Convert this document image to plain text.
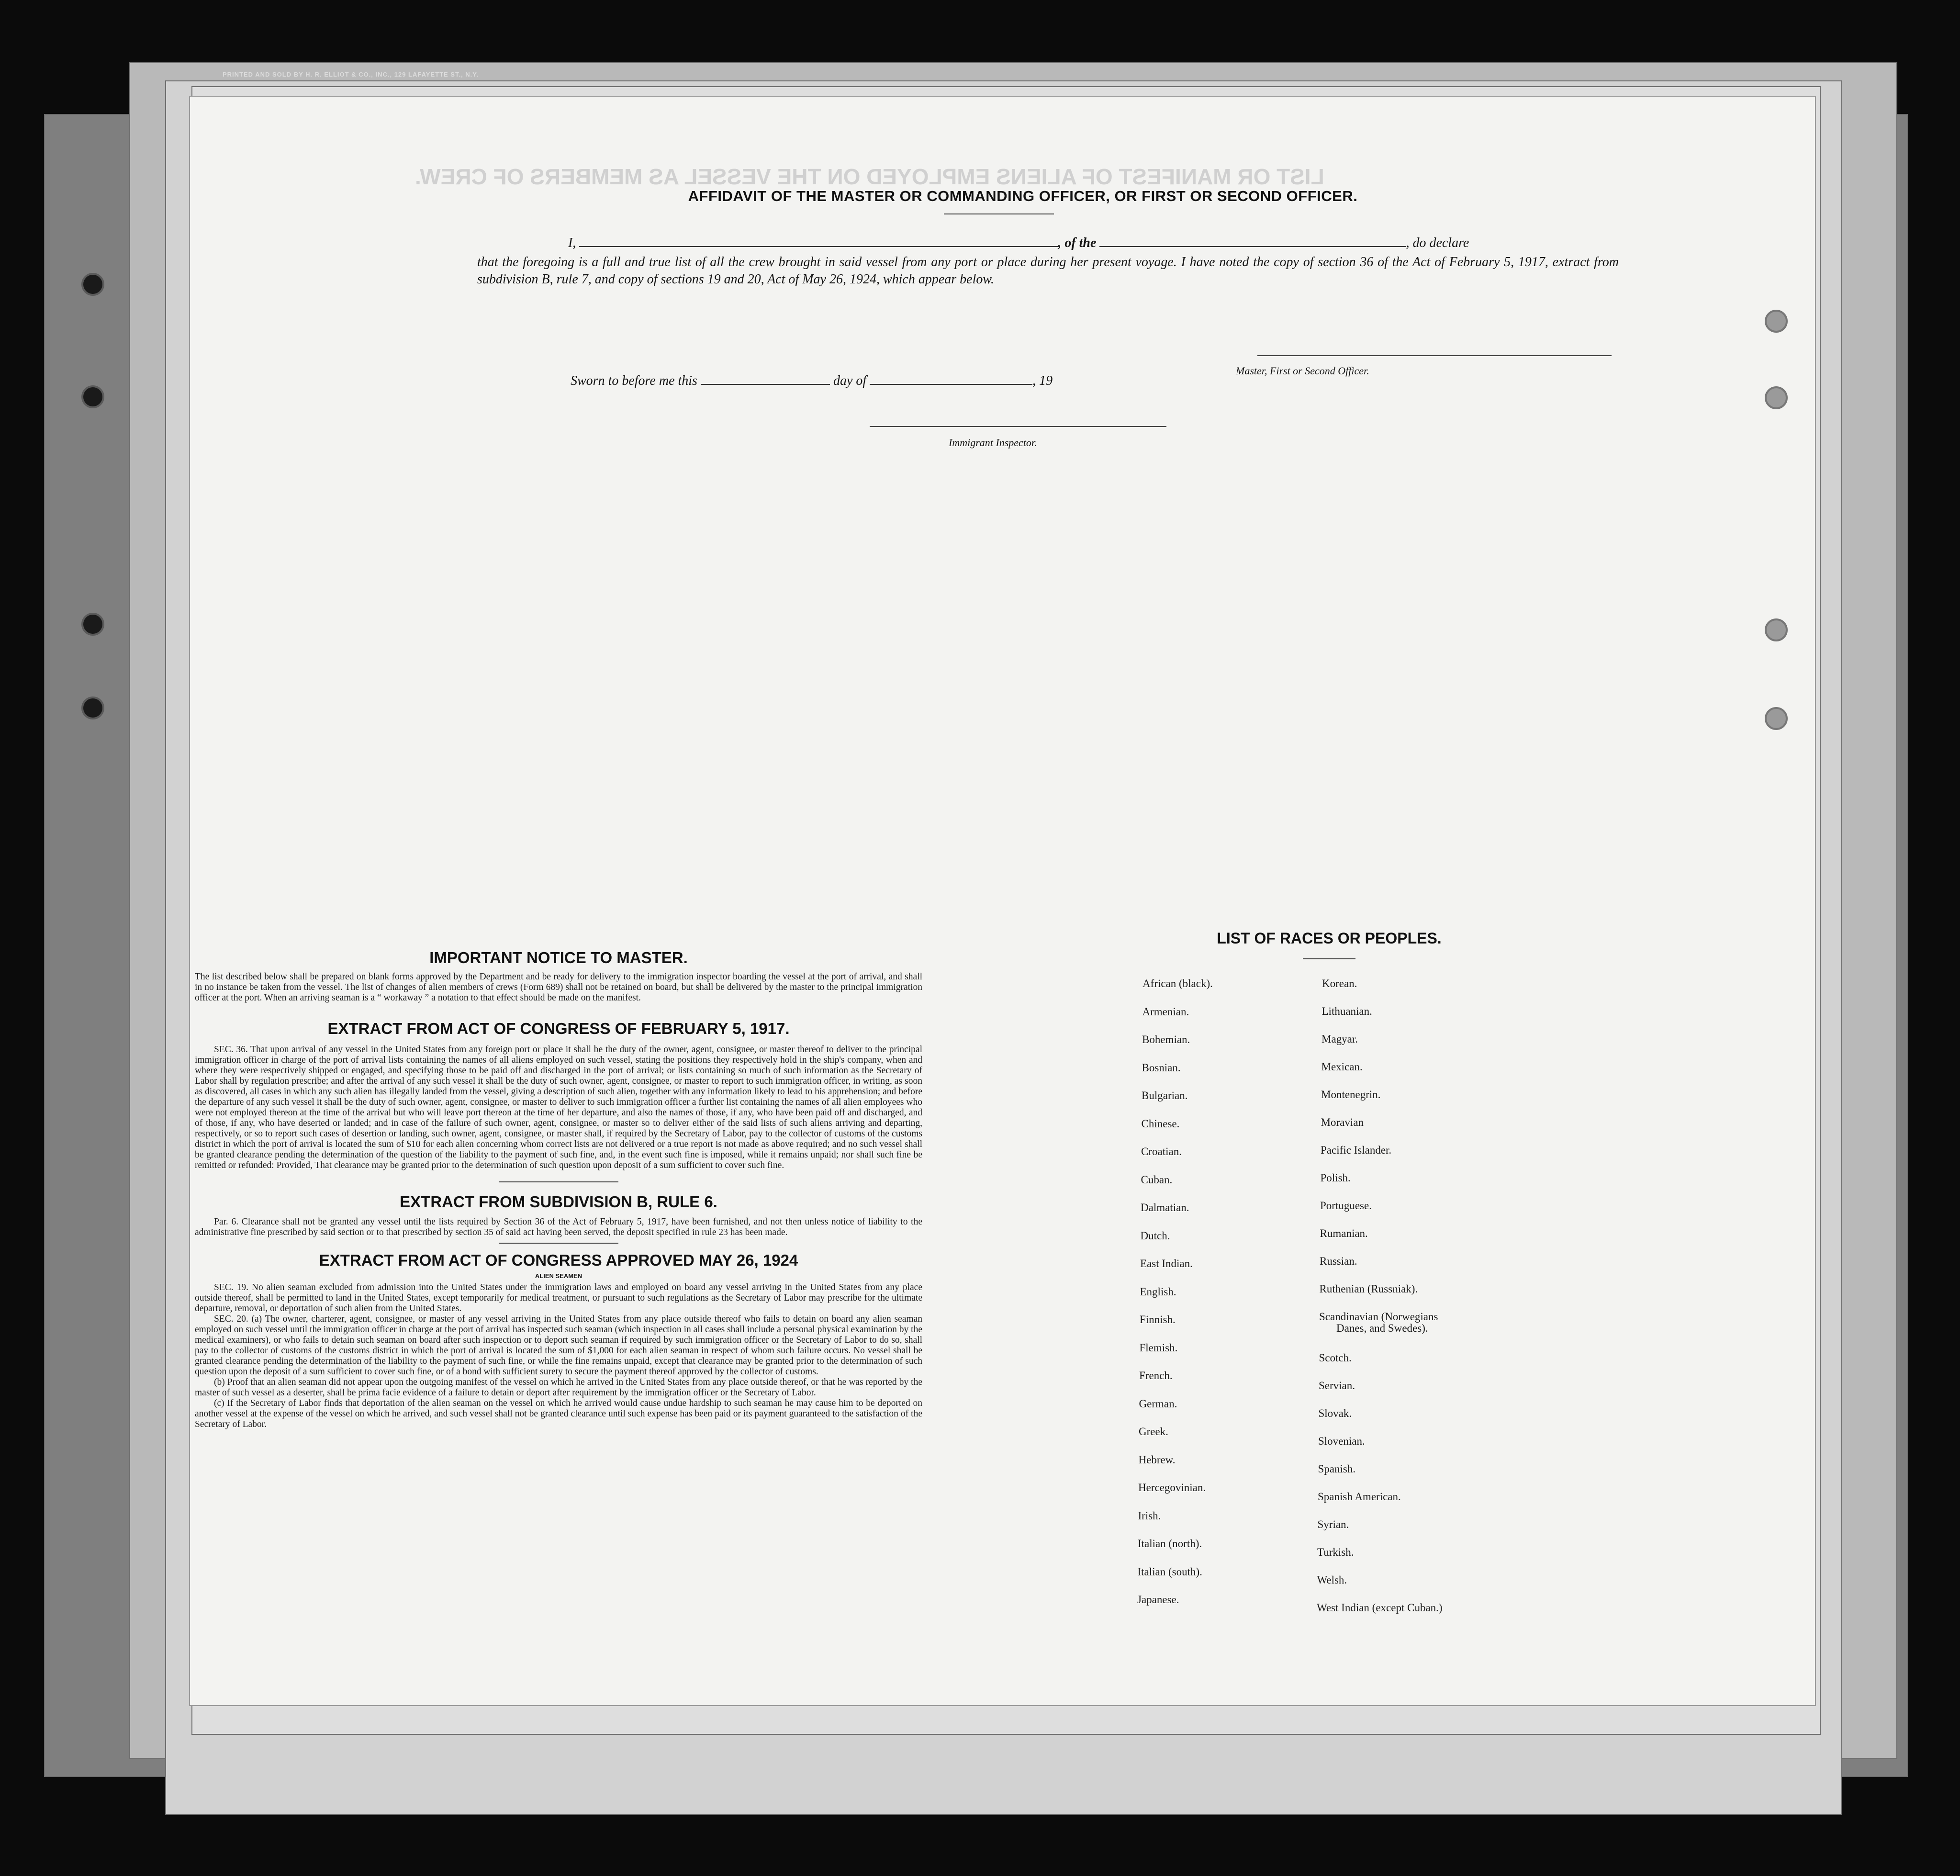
PRINTED AND SOLD BY H. R. ELLIOT & CO., INC., 129 LAFAYETTE ST., N.Y.
LIST OR MANIFEST OF ALIENS EMPLOYED ON THE VESSEL AS MEMBERS OF CREW.
AFFIDAVIT OF THE MASTER OR COMMANDING OFFICER, OR FIRST OR SECOND OFFICER.
I,	, of the	, do declare
that the foregoing is a full and true list of all the crew brought in said vessel from any port or place during her present voyage. I have noted the copy of section 36 of the Act of February 5, 1917, extract from subdivision B, rule 7, and copy of sections 19 and 20, Act of May 26, 1924, which appear below.
Master, First or Second Officer.
Sworn to before me this	day of	, 19
Immigrant Inspector.
IMPORTANT NOTICE TO MASTER.
The list described below shall be prepared on blank forms approved by the Department and be ready for delivery to the immigration inspector boarding the vessel at the port of arrival, and shall in no instance be taken from the vessel. The list of changes of alien members of crews (Form 689) shall not be retained on board, but shall be delivered by the master to the principal immigration officer at the port. When an arriving seaman is a “ workaway ” a notation to that effect should be made on the manifest.
EXTRACT FROM ACT OF CONGRESS OF FEBRUARY 5, 1917.
SEC. 36. That upon arrival of any vessel in the United States from any foreign port or place it shall be the duty of the owner, agent, consignee, or master thereof to deliver to the principal immigration officer in charge of the port of arrival lists containing the names of all aliens employed on such vessel, stating the positions they respectively hold in the ship's company, when and where they were respectively shipped or engaged, and specifying those to be paid off and discharged in the port of arrival; or lists containing so much of such information as the Secretary of Labor shall by regulation prescribe; and after the arrival of any such vessel it shall be the duty of such owner, agent, consignee, or master to report to such immigration officer, in writing, as soon as discovered, all cases in which any such alien has illegally landed from the vessel, giving a description of such alien, together with any information likely to lead to his apprehension; and before the departure of any such vessel it shall be the duty of such owner, agent, consignee, or master to deliver to such immigration officer a further list containing the names of all alien employees who were not employed thereon at the time of the arrival but who will leave port thereon at the time of her departure, and also the names of those, if any, who have been paid off and discharged, and of those, if any, who have deserted or landed; and in case of the failure of such owner, agent, consignee, or master so to deliver either of the said lists of such aliens arriving and departing, respectively, or so to report such cases of desertion or landing, such owner, agent, consignee, or master shall, if required by the Secretary of Labor, pay to the collector of customs of the customs district in which the port of arrival is located the sum of $10 for each alien concerning whom correct lists are not delivered or a true report is not made as above required; and no such vessel shall be granted clearance pending the determination of the question of the liability to the payment of such fine, and, in the event such fine is imposed, while it remains unpaid; nor shall such fine be remitted or refunded: Provided, That clearance may be granted prior to the determination of such question upon deposit of a sum sufficient to cover such fine.
EXTRACT FROM SUBDIVISION B, RULE 6.
Par. 6. Clearance shall not be granted any vessel until the lists required by Section 36 of the Act of February 5, 1917, have been furnished, and not then unless notice of liability to the administrative fine prescribed by said section or to that prescribed by section 35 of said act having been served, the deposit specified in rule 23 has been made.
EXTRACT FROM ACT OF CONGRESS APPROVED MAY 26, 1924
ALIEN SEAMEN
SEC. 19. No alien seaman excluded from admission into the United States under the immigration laws and employed on board any vessel arriving in the United States from any place outside thereof, shall be permitted to land in the United States, except temporarily for medical treatment, or pursuant to such regulations as the Secretary of Labor may prescribe for the ultimate departure, removal, or deportation of such alien from the United States.
SEC. 20. (a) The owner, charterer, agent, consignee, or master of any vessel arriving in the United States from any place outside thereof who fails to detain on board any alien seaman employed on such vessel until the immigration officer in charge at the port of arrival has inspected such seaman (which inspection in all cases shall include a personal physical examination by the medical examiners), or who fails to detain such seaman on board after such inspection or to deport such seaman if required by such immigration officer or the Secretary of Labor to do so, shall pay to the collector of customs of the customs district in which the port of arrival is located the sum of $1,000 for each alien seaman in respect of whom such failure occurs. No vessel shall be granted clearance pending the determination of the liability to the payment of such fine, or while the fine remains unpaid, except that clearance may be granted prior to the determination of such question upon the deposit of a sum sufficient to cover such fine, or of a bond with sufficient surety to secure the payment thereof approved by the collector of customs.
(b) Proof that an alien seaman did not appear upon the outgoing manifest of the vessel on which he arrived in the United States from any place outside thereof, or that he was reported by the master of such vessel as a deserter, shall be prima facie evidence of a failure to detain or deport after requirement by the immigration officer or the Secretary of Labor.
(c) If the Secretary of Labor finds that deportation of the alien seaman on the vessel on which he arrived would cause undue hardship to such seaman he may cause him to be deported on another vessel at the expense of the vessel on which he arrived, and such vessel shall not be granted clearance until such expense has been paid or its payment guaranteed to the satisfaction of the Secretary of Labor.
LIST OF RACES OR PEOPLES.
Danes, and Swedes).
African (black).
Armenian.
Bohemian.
Bosnian.
Bulgarian.
Chinese.
Croatian.
Cuban.
Dalmatian.
Dutch.
East Indian.
English.
Finnish.
Flemish.
French.
German.
Greek.
Hebrew.
Hercegovinian.
Irish.
Italian (north).
Italian (south).
Japanese.
Korean.
Lithuanian.
Magyar.
Mexican.
Montenegrin.
Moravian
Pacific Islander.
Polish.
Portuguese.
Rumanian.
Russian.
Ruthenian (Russniak).
Scandinavian (Norwegians
Scotch.
Servian.
Slovak.
Slovenian.
Spanish.
Spanish American.
Syrian.
Turkish.
Welsh.
West Indian (except Cuban.)
